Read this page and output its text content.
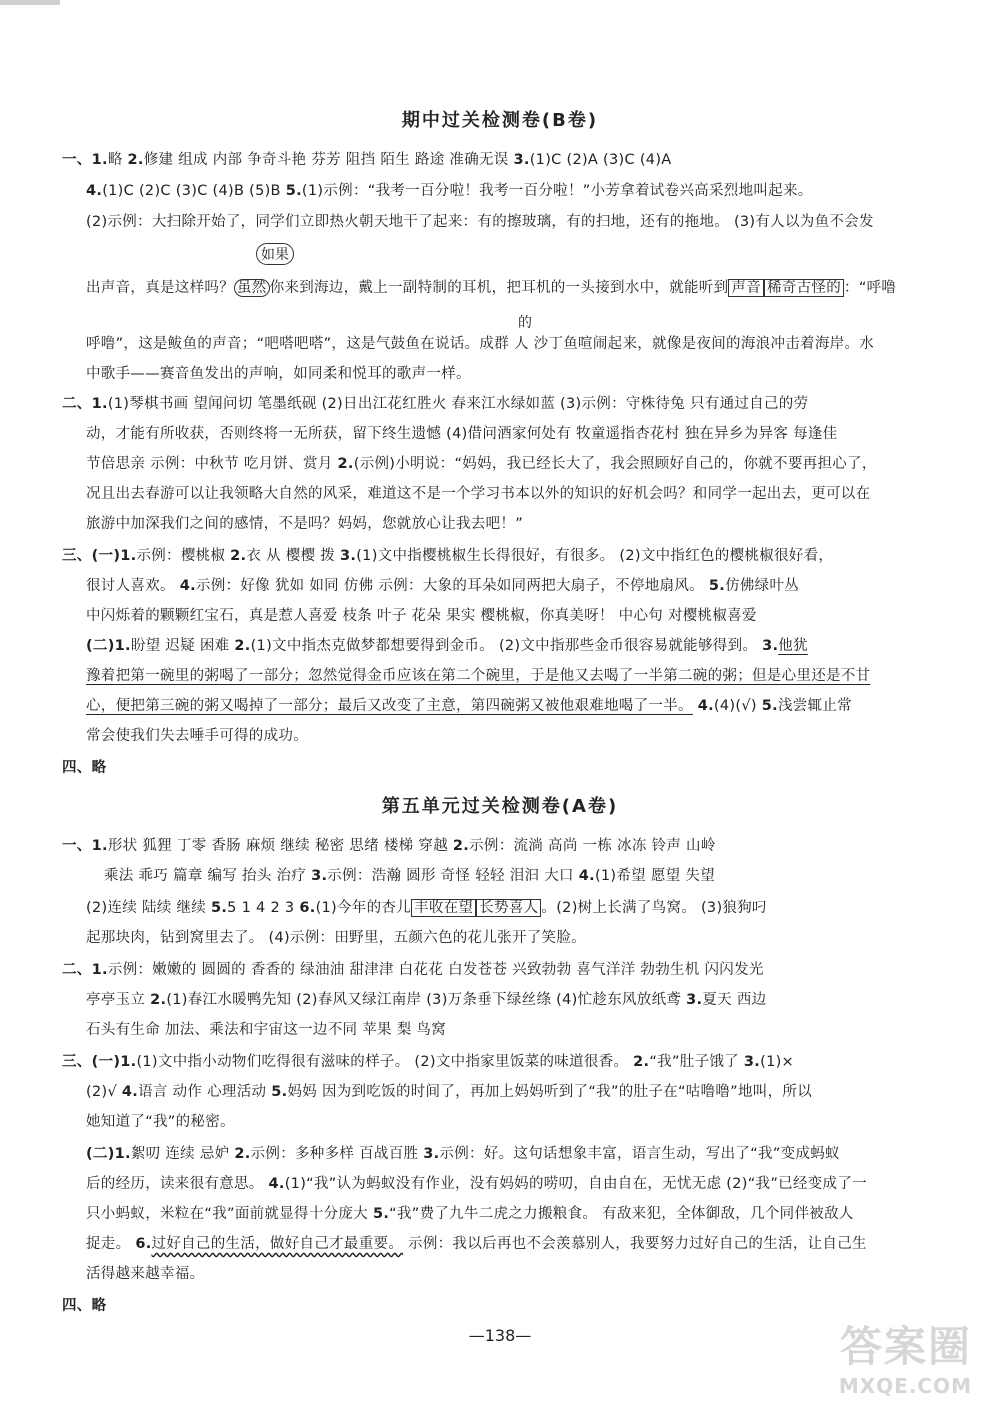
期中过关检测卷(B卷)
一、1.略 2.修建 组成 内部 争奇斗艳 芬芳 阻挡 陌生 路途 准确无误 3.(1)C (2)A (3)C (4)A
4.(1)C (2)C (3)C (4)B (5)B 5.(1)示例：“我考一百分啦！我考一百分啦！”小芳拿着试卷兴高采烈地叫起来。
(2)示例：大扫除开始了，同学们立即热火朝天地干了起来：有的擦玻璃，有的扫地，还有的拖地。 (3)有人以为鱼不会发
如果
出声音，真是这样吗？ 虽然 你来到海边，戴上一副特制的耳机，把耳机的一头接到水中，就能听到 声音 稀奇古怪的 ：“呼噜
的
呼噜”，这是鲅鱼的声音；“吧嗒吧嗒”，这是气鼓鱼在说话。成群 人 沙丁鱼喧闹起来，就像是夜间的海浪冲击着海岸。水
中歌手——赛音鱼发出的声响，如同柔和悦耳的歌声一样。
二、1.(1)琴棋书画 望闻问切 笔墨纸砚 (2)日出江花红胜火 春来江水绿如蓝 (3)示例：守株待兔 只有通过自己的劳
动，才能有所收获，否则终将一无所获，留下终生遗憾 (4)借问酒家何处有 牧童遥指杏花村 独在异乡为异客 每逢佳
节倍思亲 示例：中秋节 吃月饼、赏月 2.(示例)小明说：“妈妈，我已经长大了，我会照顾好自己的，你就不要再担心了，
况且出去春游可以让我领略大自然的风采，难道这不是一个学习书本以外的知识的好机会吗？和同学一起出去，更可以在
旅游中加深我们之间的感情，不是吗？妈妈，您就放心让我去吧！”
三、(一)1.示例：樱桃椒 2.衣 从 樱樱 拨 3.(1)文中指樱桃椒生长得很好，有很多。 (2)文中指红色的樱桃椒很好看，
很讨人喜欢。 4.示例：好像 犹如 如同 仿佛 示例：大象的耳朵如同两把大扇子，不停地扇风。 5.仿佛绿叶丛
中闪烁着的颗颗红宝石，真是惹人喜爱 枝条 叶子 花朵 果实 樱桃椒，你真美呀！ 中心句 对樱桃椒喜爱
(二)1.盼望 迟疑 困难 2.(1)文中指杰克做梦都想要得到金币。 (2)文中指那些金币很容易就能够得到。 3.他犹
豫着把第一碗里的粥喝了一部分；忽然觉得金币应该在第二个碗里，于是他又去喝了一半第二碗的粥；但是心里还是不甘
心，便把第三碗的粥又喝掉了一部分；最后又改变了主意，第四碗粥又被他艰难地喝了一半。 4.(4)(√) 5.浅尝辄止常
常会使我们失去唾手可得的成功。
四、略
第五单元过关检测卷(A卷)
一、1.形状 狐狸 丁零 香肠 麻烦 继续 秘密 思绪 楼梯 穿越 2.示例：流淌 高尚 一栋 冰冻 铃声 山岭
乘法 乖巧 篇章 编写 抬头 治疗 3.示例：浩瀚 圆形 奇怪 轻轻 泪汩 大口 4.(1)希望 愿望 失望
(2)连续 陆续 继续 5.5 1 4 2 3 6.(1)今年的杏儿 丰收在望 长势喜人 。(2)树上长满了鸟窝。 (3)狼狗叼
起那块肉，钻到窝里去了。 (4)示例：田野里，五颜六色的花儿张开了笑脸。
二、1.示例：嫩嫩的 圆圆的 香香的 绿油油 甜津津 白花花 白发苍苍 兴致勃勃 喜气洋洋 勃勃生机 闪闪发光
亭亭玉立 2.(1)春江水暖鸭先知 (2)春风又绿江南岸 (3)万条垂下绿丝绦 (4)忙趁东风放纸鸢 3.夏天 西边
石头有生命 加法、乘法和宇宙这一边不同 苹果 梨 鸟窝
三、(一)1.(1)文中指小动物们吃得很有滋味的样子。 (2)文中指家里饭菜的味道很香。 2.“我”肚子饿了 3.(1)×
(2)√ 4.语言 动作 心理活动 5.妈妈 因为到吃饭的时间了，再加上妈妈听到了“我”的肚子在“咕噜噜”地叫，所以
她知道了“我”的秘密。
(二)1.絮叨 连续 忌妒 2.示例：多种多样 百战百胜 3.示例：好。这句话想象丰富，语言生动，写出了“我”变成蚂蚁
后的经历，读来很有意思。 4.(1)“我”认为蚂蚁没有作业，没有妈妈的唠叨，自由自在，无忧无虑 (2)“我”已经变成了一
只小蚂蚁，米粒在“我”面前就显得十分庞大 5.“我”费了九牛二虎之力搬粮食。 有敌来犯，全体御敌，几个同伴被敌人
捉走。 6.过好自己的生活，做好自己才最重要。 示例：我以后再也不会羡慕别人，我要努力过好自己的生活，让自己生
活得越来越幸福。
四、略
—138—	答案圈
MXQE.COM
